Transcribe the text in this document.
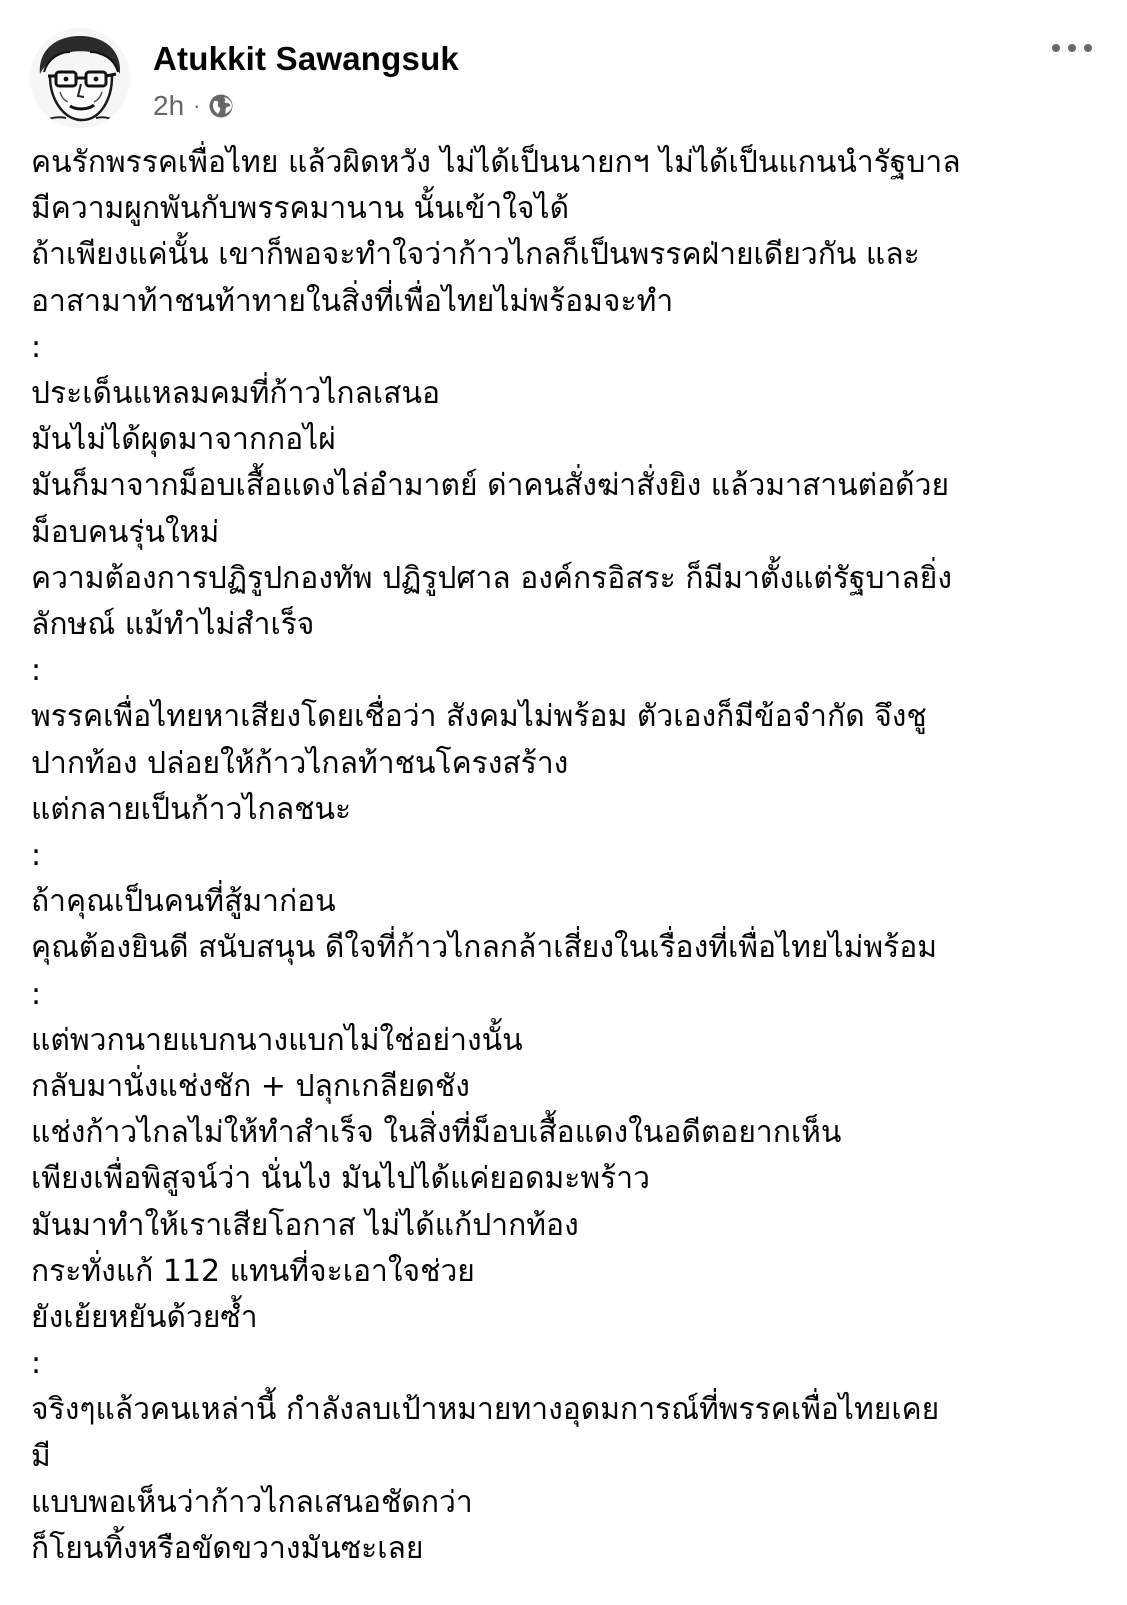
Atukkit Sawangsuk
2h ·
คนรักพรรคเพื่อไทย แล้วผิดหวัง ไม่ได้เป็นนายกฯ ไม่ได้เป็นแกนนำรัฐบาล
มีความผูกพันกับพรรคมานาน นั้นเข้าใจได้
ถ้าเพียงแค่นั้น เขาก็พอจะทำใจว่าก้าวไกลก็เป็นพรรคฝ่ายเดียวกัน และ
อาสามาท้าชนท้าทายในสิ่งที่เพื่อไทยไม่พร้อมจะทำ
:
ประเด็นแหลมคมที่ก้าวไกลเสนอ
มันไม่ได้ผุดมาจากกอไผ่
มันก็มาจากม็อบเสื้อแดงไล่อำมาตย์ ด่าคนสั่งฆ่าสั่งยิง แล้วมาสานต่อด้วย
ม็อบคนรุ่นใหม่
ความต้องการปฏิรูปกองทัพ ปฏิรูปศาล องค์กรอิสระ ก็มีมาตั้งแต่รัฐบาลยิ่ง
ลักษณ์ แม้ทำไม่สำเร็จ
:
พรรคเพื่อไทยหาเสียงโดยเชื่อว่า สังคมไม่พร้อม ตัวเองก็มีข้อจำกัด จึงชู
ปากท้อง ปล่อยให้ก้าวไกลท้าชนโครงสร้าง
แต่กลายเป็นก้าวไกลชนะ
:
ถ้าคุณเป็นคนที่สู้มาก่อน
คุณต้องยินดี สนับสนุน ดีใจที่ก้าวไกลกล้าเสี่ยงในเรื่องที่เพื่อไทยไม่พร้อม
:
แต่พวกนายแบกนางแบกไม่ใช่อย่างนั้น
กลับมานั่งแช่งชัก + ปลุกเกลียดชัง
แช่งก้าวไกลไม่ให้ทำสำเร็จ ในสิ่งที่ม็อบเสื้อแดงในอดีตอยากเห็น
เพียงเพื่อพิสูจน์ว่า นั่นไง มันไปได้แค่ยอดมะพร้าว
มันมาทำให้เราเสียโอกาส ไม่ได้แก้ปากท้อง
กระทั่งแก้ 112 แทนที่จะเอาใจช่วย
ยังเย้ยหยันด้วยซ้ำ
:
จริงๆแล้วคนเหล่านี้ กำลังลบเป้าหมายทางอุดมการณ์ที่พรรคเพื่อไทยเคย
มี
แบบพอเห็นว่าก้าวไกลเสนอชัดกว่า
ก็โยนทิ้งหรือขัดขวางมันซะเลย
